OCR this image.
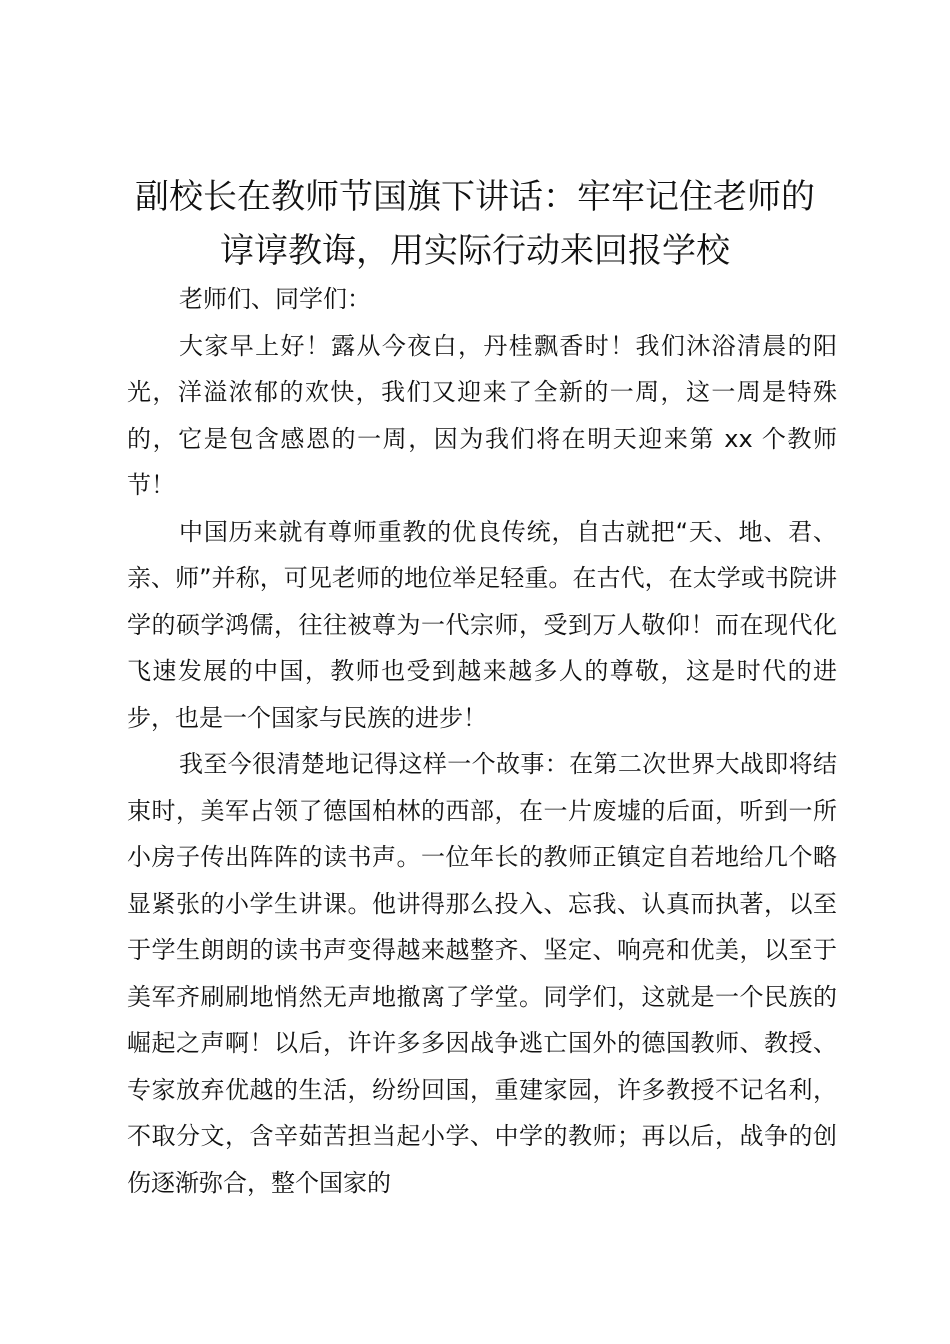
副校长在教师节国旗下讲话：牢牢记住老师的
谆谆教诲，用实际行动来回报学校

老师们、同学们：

大家早上好！露从今夜白，丹桂飘香时！我们沐浴清晨的阳光，洋溢浓郁的欢快，我们又迎来了全新的一周，这一周是特殊的，它是包含感恩的一周，因为我们将在明天迎来第 xx 个教师节！

中国历来就有尊师重教的优良传统，自古就把“天、地、君、亲、师”并称，可见老师的地位举足轻重。在古代，在太学或书院讲学的硕学鸿儒，往往被尊为一代宗师，受到万人敬仰！而在现代化飞速发展的中国，教师也受到越来越多人的尊敬，这是时代的进步，也是一个国家与民族的进步！

我至今很清楚地记得这样一个故事：在第二次世界大战即将结束时，美军占领了德国柏林的西部，在一片废墟的后面，听到一所小房子传出阵阵的读书声。一位年长的教师正镇定自若地给几个略显紧张的小学生讲课。他讲得那么投入、忘我、认真而执著，以至于学生朗朗的读书声变得越来越整齐、坚定、响亮和优美，以至于美军齐刷刷地悄然无声地撤离了学堂。同学们，这就是一个民族的崛起之声啊！以后，许许多多因战争逃亡国外的德国教师、教授、专家放弃优越的生活，纷纷回国，重建家园，许多教授不记名利，不取分文，含辛茹苦担当起小学、中学的教师；再以后，战争的创伤逐渐弥合，整个国家的
